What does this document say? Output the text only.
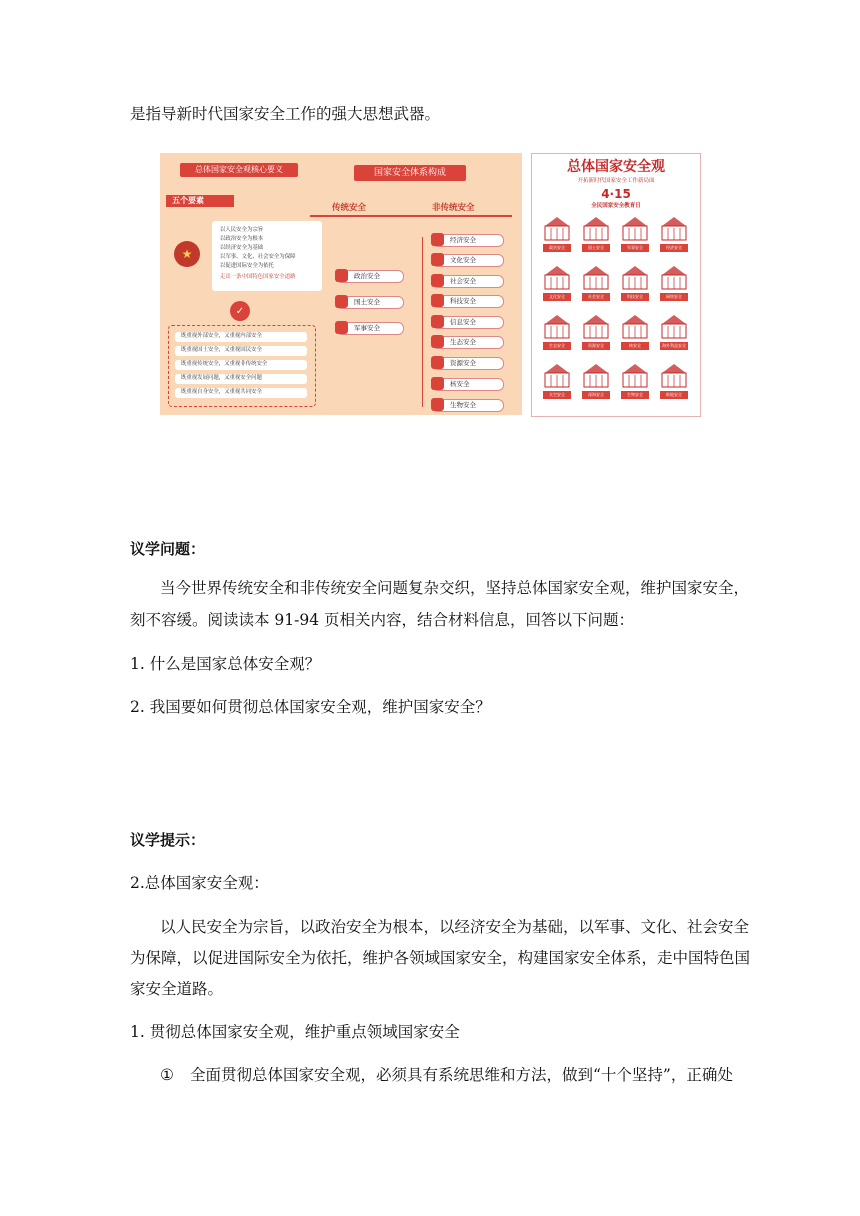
是指导新时代国家安全工作的强大思想武器。
总体国家安全观核心要义	国家安全体系构成
五个要素
传统安全	非传统安全
★
以人民安全为宗旨
以政治安全为根本
以经济安全为基础
以军事、文化、社会安全为保障
以促进国际安全为依托
走出一条中国特色国家安全道路
✓
既重视外部安全，又重视内部安全
既重视国土安全，又重视国民安全
既重视传统安全，又重视非传统安全
既重视发展问题，又重视安全问题
既重视自身安全，又重视共同安全
政治安全
国土安全
军事安全
经济安全
文化安全
社会安全
科技安全
信息安全
生态安全
资源安全
核安全
生物安全
总体国家安全观
开拓新时代国家安全工作新局面
4·15
全民国家安全教育日
政治安全	国土安全	军事安全	经济安全
文化安全	社会安全	科技安全	网络安全
生态安全	资源安全	核安全	海外利益安全
太空安全	深海安全	生物安全	极地安全
议学问题：
当今世界传统安全和非传统安全问题复杂交织，坚持总体国家安全观，维护国家安全，
刻不容缓。阅读读本 91-94 页相关内容，结合材料信息，回答以下问题：
1. 什么是国家总体安全观？
2. 我国要如何贯彻总体国家安全观，维护国家安全？
议学提示：
2.总体国家安全观：
以人民安全为宗旨，以政治安全为根本，以经济安全为基础，以军事、文化、社会安全
为保障，以促进国际安全为依托，维护各领域国家安全，构建国家安全体系，走中国特色国
家安全道路。
1. 贯彻总体国家安全观，维护重点领域国家安全
① 全面贯彻总体国家安全观，必须具有系统思维和方法，做到“十个坚持”，正确处
